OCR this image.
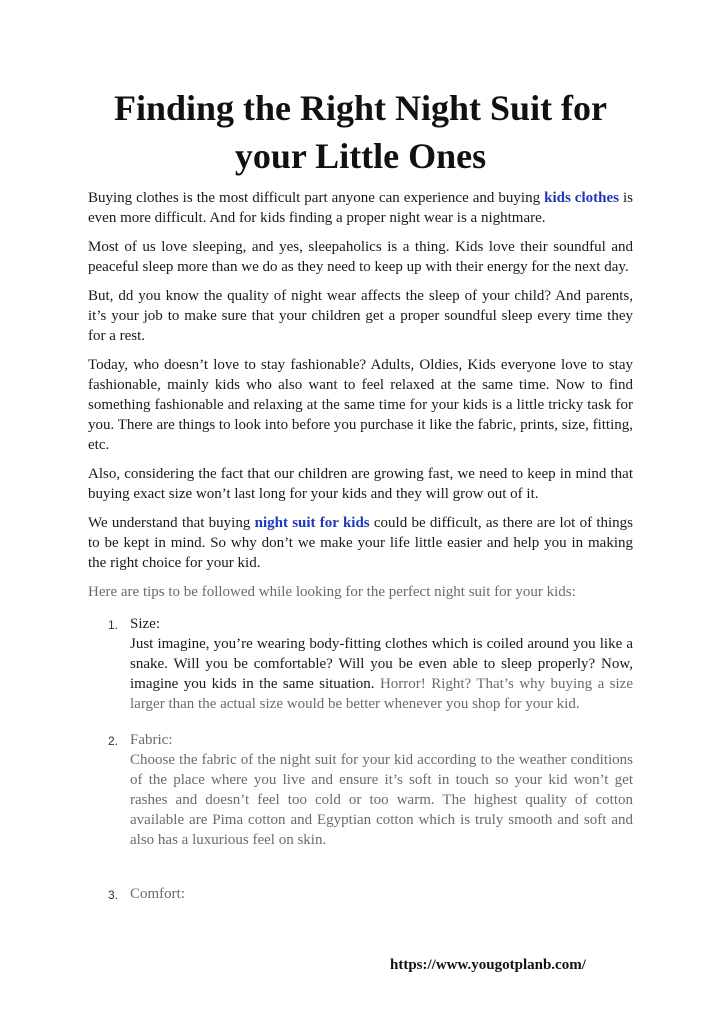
Finding the Right Night Suit for your Little Ones

Buying clothes is the most difficult part anyone can experience and buying kids clothes is even more difficult. And for kids finding a proper night wear is a nightmare.

Most of us love sleeping, and yes, sleepaholics is a thing. Kids love their soundful and peaceful sleep more than we do as they need to keep up with their energy for the next day.

But, dd you know the quality of night wear affects the sleep of your child? And parents, it’s your job to make sure that your children get a proper soundful sleep every time they for a rest.

Today, who doesn’t love to stay fashionable? Adults, Oldies, Kids everyone love to stay fashionable, mainly kids who also want to feel relaxed at the same time. Now to find something fashionable and relaxing at the same time for your kids is a little tricky task for you. There are things to look into before you purchase it like the fabric, prints, size, fitting, etc.

Also, considering the fact that our children are growing fast, we need to keep in mind that buying exact size won’t last long for your kids and they will grow out of it.

We understand that buying night suit for kids could be difficult, as there are lot of things to be kept in mind. So why don’t we make your life little easier and help you in making the right choice for your kid.

Here are tips to be followed while looking for the perfect night suit for your kids:

1. Size:
Just imagine, you’re wearing body-fitting clothes which is coiled around you like a snake. Will you be comfortable? Will you be even able to sleep properly? Now, imagine you kids in the same situation. Horror! Right? That’s why buying a size larger than the actual size would be better whenever you shop for your kid.
2. Fabric:
Choose the fabric of the night suit for your kid according to the weather conditions of the place where you live and ensure it’s soft in touch so your kid won’t get rashes and doesn’t feel too cold or too warm. The highest quality of cotton available are Pima cotton and Egyptian cotton which is truly smooth and soft and also has a luxurious feel on skin.
3. Comfort:
https://www.yougotplanb.com/
